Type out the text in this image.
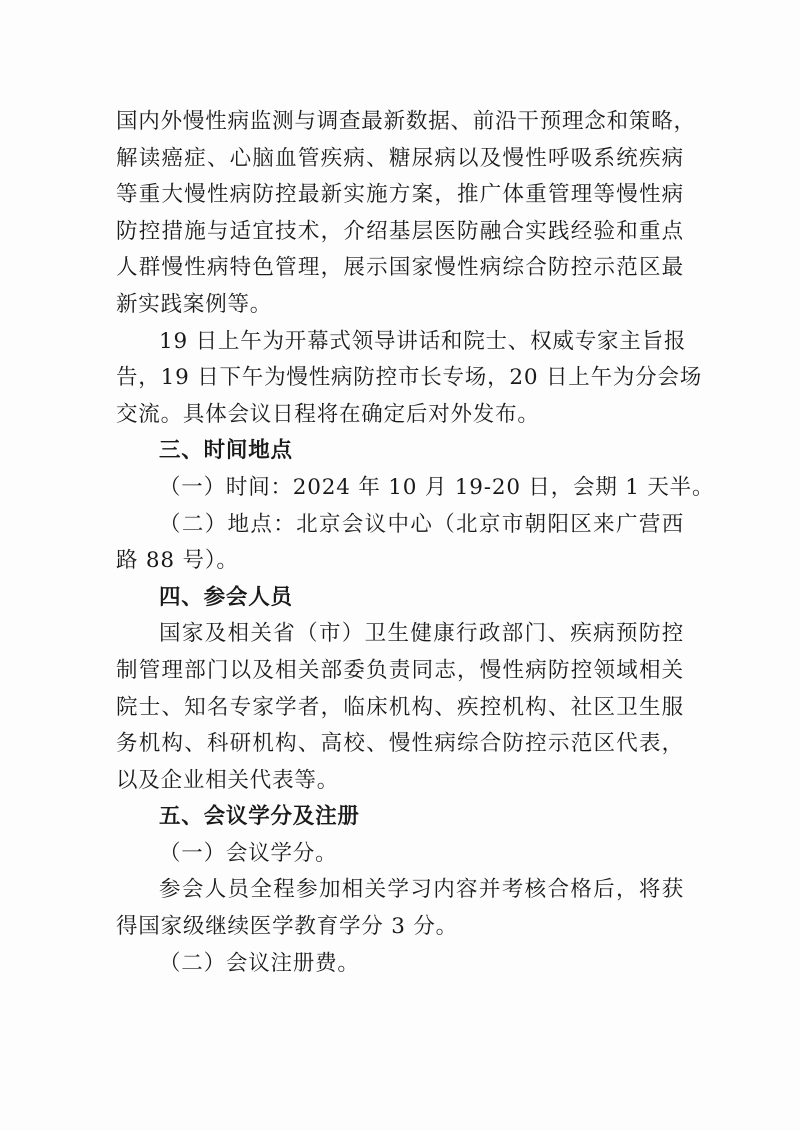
国内外慢性病监测与调查最新数据、前沿干预理念和策略，
解读癌症、心脑血管疾病、糖尿病以及慢性呼吸系统疾病
等重大慢性病防控最新实施方案，推广体重管理等慢性病
防控措施与适宜技术，介绍基层医防融合实践经验和重点
人群慢性病特色管理，展示国家慢性病综合防控示范区最
新实践案例等。
19 日上午为开幕式领导讲话和院士、权威专家主旨报
告，19 日下午为慢性病防控市长专场，20 日上午为分会场
交流。具体会议日程将在确定后对外发布。
三、时间地点
（一）时间：2024 年 10 月 19-20 日，会期 1 天半。
（二）地点：北京会议中心（北京市朝阳区来广营西
路 88 号）。
四、参会人员
国家及相关省（市）卫生健康行政部门、疾病预防控
制管理部门以及相关部委负责同志，慢性病防控领域相关
院士、知名专家学者，临床机构、疾控机构、社区卫生服
务机构、科研机构、高校、慢性病综合防控示范区代表，
以及企业相关代表等。
五、会议学分及注册
（一）会议学分。
参会人员全程参加相关学习内容并考核合格后，将获
得国家级继续医学教育学分 3 分。
（二）会议注册费。
